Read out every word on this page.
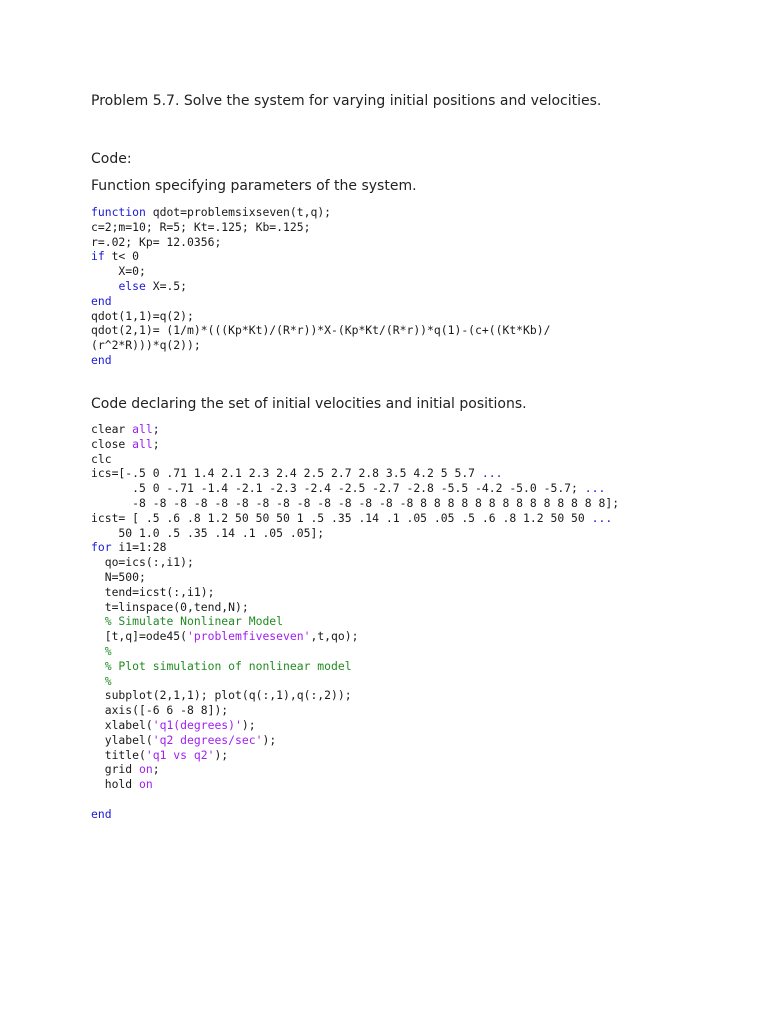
Problem 5.7. Solve the system for varying initial positions and velocities.
Code:
Function specifying parameters of the system.
function qdot=problemsixseven(t,q);
c=2;m=10; R=5; Kt=.125; Kb=.125;
r=.02; Kp= 12.0356;
if t< 0
X=0;
else X=.5;
end
qdot(1,1)=q(2);
qdot(2,1)= (1/m)*(((Kp*Kt)/(R*r))*X-(Kp*Kt/(R*r))*q(1)-(c+((Kt*Kb)/
(r^2*R)))*q(2));
end
Code declaring the set of initial velocities and initial positions.
clear all;
close all;
clc
ics=[-.5 0 .71 1.4 2.1 2.3 2.4 2.5 2.7 2.8 3.5 4.2 5 5.7 ...
.5 0 -.71 -1.4 -2.1 -2.3 -2.4 -2.5 -2.7 -2.8 -5.5 -4.2 -5.0 -5.7; ...
-8 -8 -8 -8 -8 -8 -8 -8 -8 -8 -8 -8 -8 -8 8 8 8 8 8 8 8 8 8 8 8 8 8 8];
icst= [ .5 .6 .8 1.2 50 50 50 1 .5 .35 .14 .1 .05 .05 .5 .6 .8 1.2 50 50 ...
50 1.0 .5 .35 .14 .1 .05 .05];
for i1=1:28
qo=ics(:,i1);
N=500;
tend=icst(:,i1);
t=linspace(0,tend,N);
% Simulate Nonlinear Model
[t,q]=ode45('problemfiveseven',t,qo);
%
% Plot simulation of nonlinear model
%
subplot(2,1,1); plot(q(:,1),q(:,2));
axis([-6 6 -8 8]);
xlabel('q1(degrees)');
ylabel('q2 degrees/sec');
title('q1 vs q2');
grid on;
hold on
end
